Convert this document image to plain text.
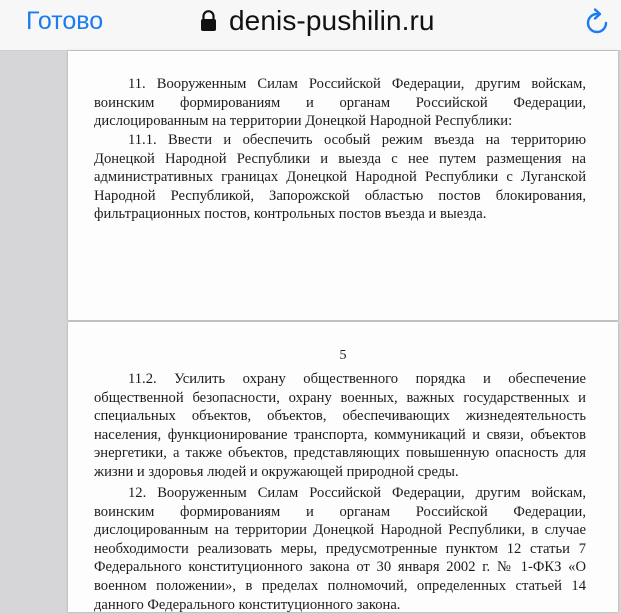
Готово	denis-pushilin.ru

11. Вооруженным Силам Российской Федерации, другим войскам, воинским формированиям и органам Российской Федерации, дислоцированным на территории Донецкой Народной Республики:

11.1. Ввести и обеспечить особый режим въезда на территорию Донецкой Народной Республики и выезда с нее путем размещения на административных границах Донецкой Народной Республики с Луганской Народной Республикой, Запорожской областью постов блокирования, фильтрационных постов, контрольных постов въезда и выезда.

5

11.2. Усилить охрану общественного порядка и обеспечение общественной безопасности, охрану военных, важных государственных и специальных объектов, объектов, обеспечивающих жизнедеятельность населения, функционирование транспорта, коммуникаций и связи, объектов энергетики, а также объектов, представляющих повышенную опасность для жизни и здоровья людей и окружающей природной среды.

12. Вооруженным Силам Российской Федерации, другим войскам, воинским формированиям и органам Российской Федерации, дислоцированным на территории Донецкой Народной Республики, в случае необходимости реализовать меры, предусмотренные пунктом 12 статьи 7 Федерального конституционного закона от 30 января 2002 г. № 1-ФКЗ «О военном положении», в пределах полномочий, определенных статьей 14 данного Федерального конституционного закона.
